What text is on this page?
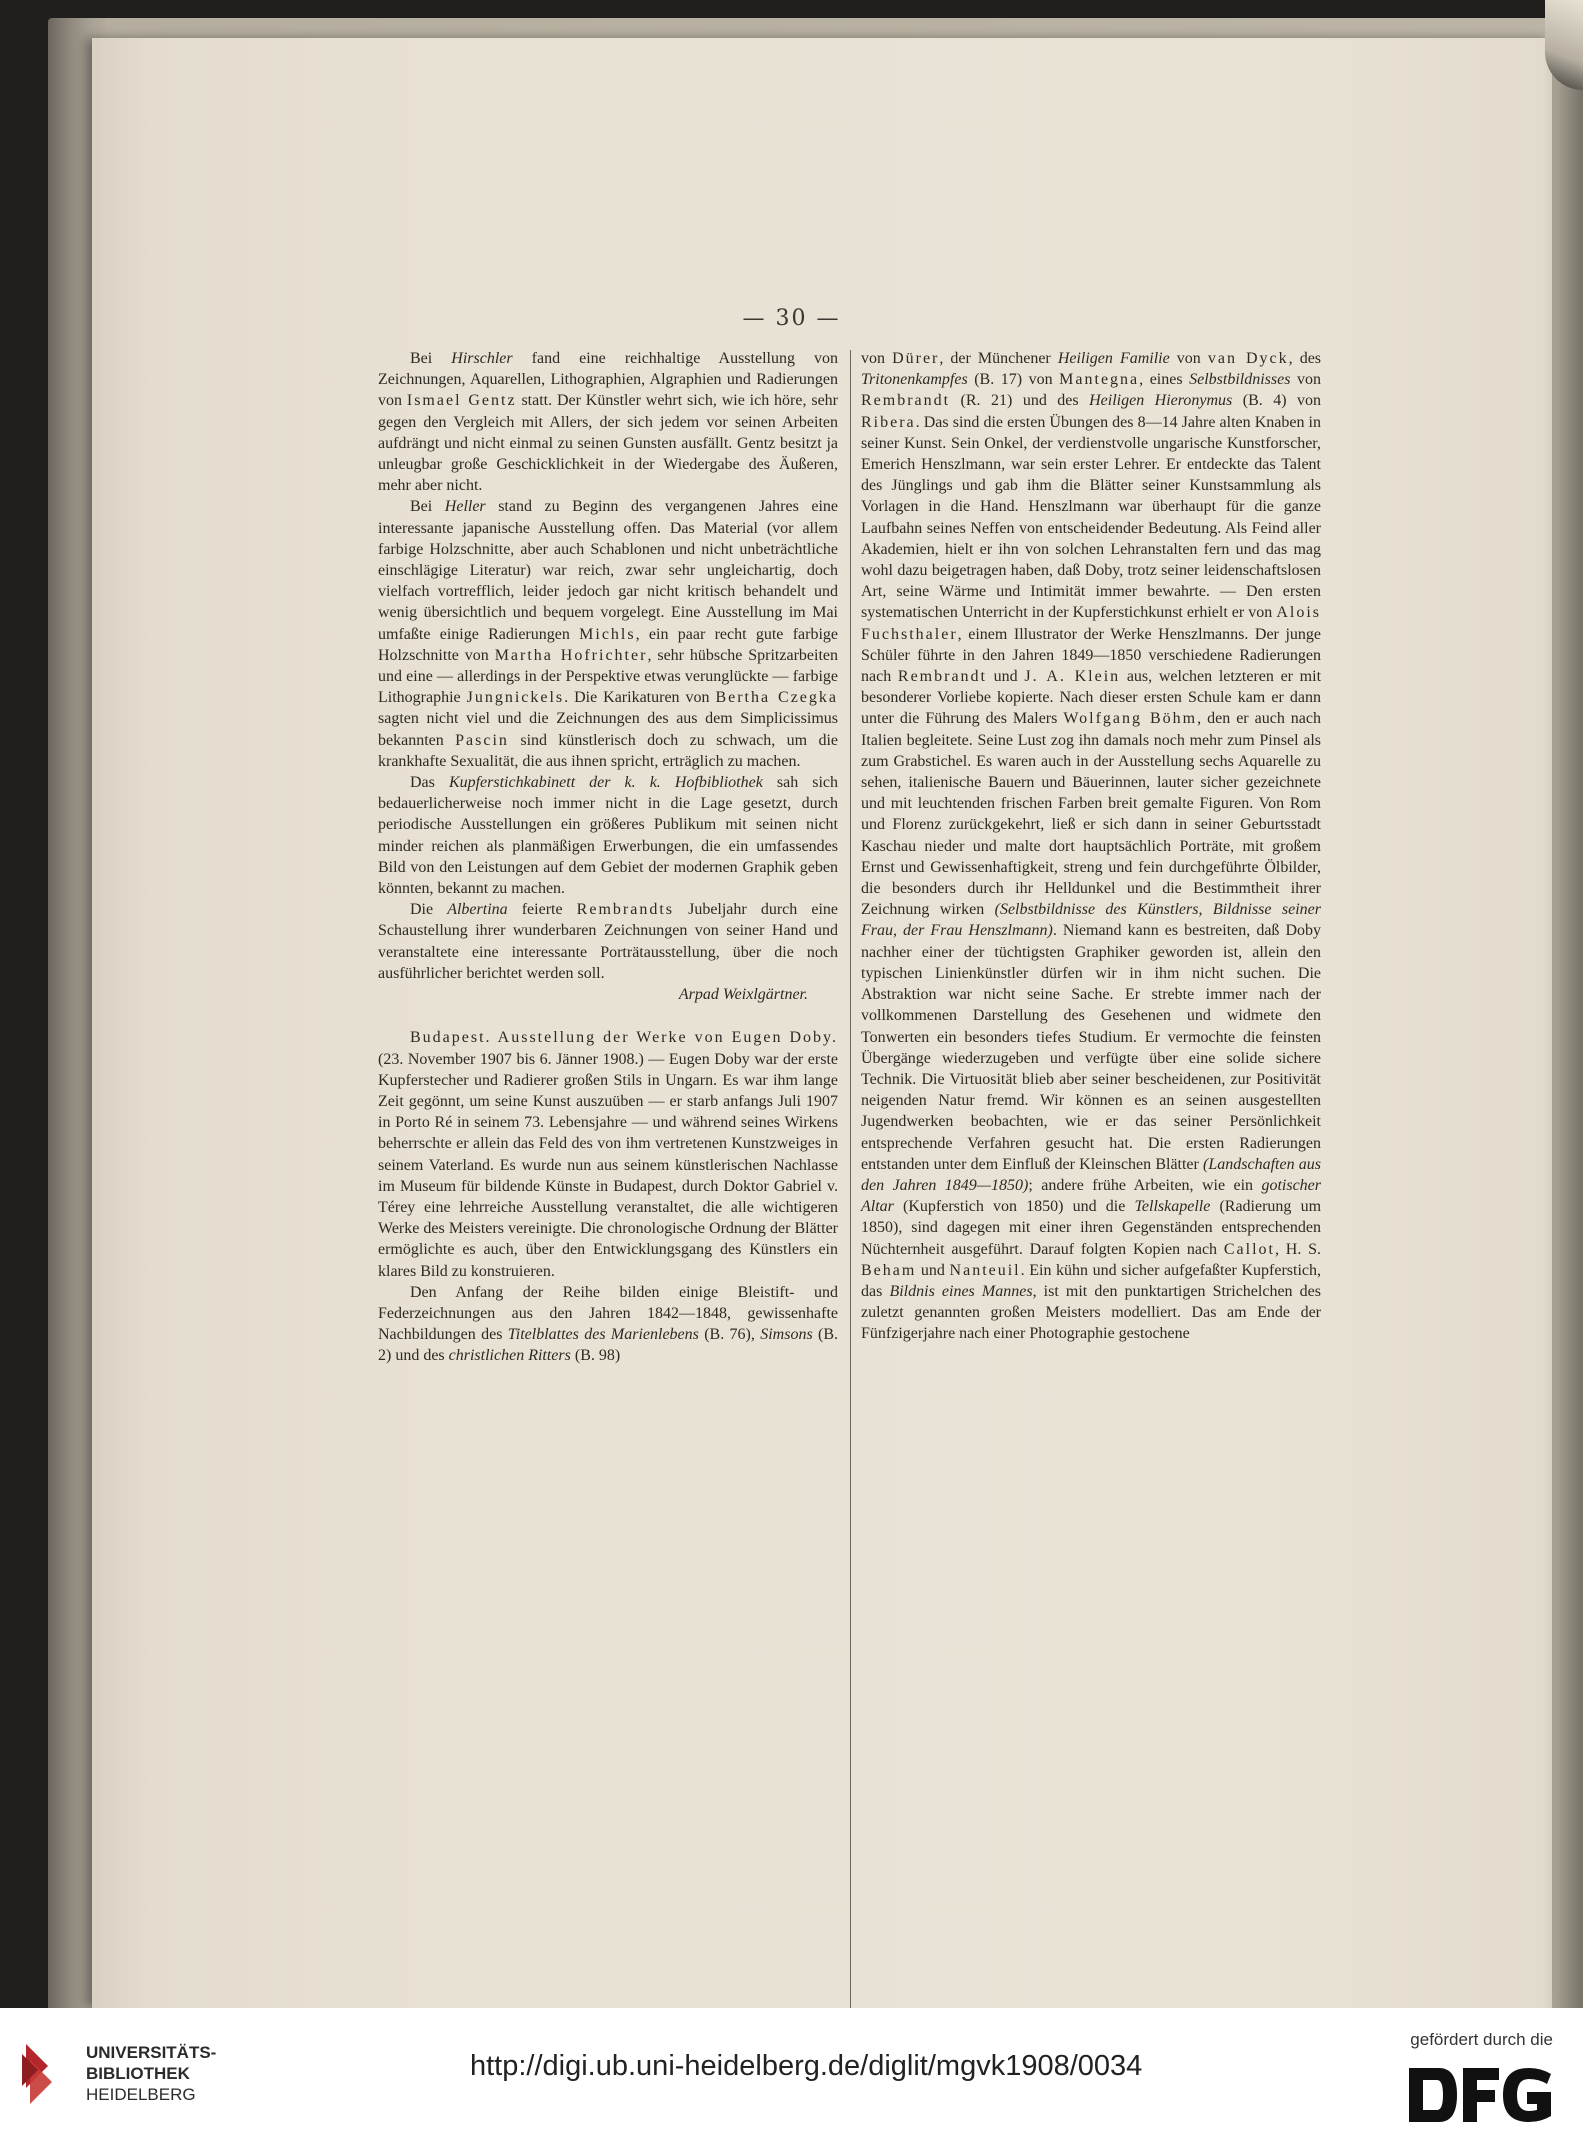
— 30 —

Bei Hirschler fand eine reichhaltige Ausstellung von Zeichnungen, Aquarellen, Lithographien, Algraphien und Radierungen von Ismael Gentz statt. Der Künstler wehrt sich, wie ich höre, sehr gegen den Vergleich mit Allers, der sich jedem vor seinen Arbeiten aufdrängt und nicht einmal zu seinen Gunsten ausfällt. Gentz besitzt ja unleugbar große Geschicklichkeit in der Wiedergabe des Äußeren, mehr aber nicht.

Bei Heller stand zu Beginn des vergangenen Jahres eine interessante japanische Ausstellung offen. Das Material (vor allem farbige Holzschnitte, aber auch Schablonen und nicht unbeträchtliche einschlägige Literatur) war reich, zwar sehr ungleichartig, doch vielfach vortrefflich, leider jedoch gar nicht kritisch behandelt und wenig übersichtlich und bequem vorgelegt. Eine Ausstellung im Mai umfaßte einige Radierungen Michls, ein paar recht gute farbige Holzschnitte von Martha Hofrichter, sehr hübsche Spritzarbeiten und eine — allerdings in der Perspektive etwas verunglückte — farbige Lithographie Jungnickels. Die Karikaturen von Bertha Czegka sagten nicht viel und die Zeichnungen des aus dem Simplicissimus bekannten Pascin sind künstlerisch doch zu schwach, um die krankhafte Sexualität, die aus ihnen spricht, erträglich zu machen.

Das Kupferstichkabinett der k. k. Hofbibliothek sah sich bedauerlicherweise noch immer nicht in die Lage gesetzt, durch periodische Ausstellungen ein größeres Publikum mit seinen nicht minder reichen als planmäßigen Erwerbungen, die ein umfassendes Bild von den Leistungen auf dem Gebiet der modernen Graphik geben könnten, bekannt zu machen.

Die Albertina feierte Rembrandts Jubeljahr durch eine Schaustellung ihrer wunderbaren Zeichnungen von seiner Hand und veranstaltete eine interessante Porträtausstellung, über die noch ausführlicher berichtet werden soll.

Arpad Weixlgärtner.

Budapest. Ausstellung der Werke von Eugen Doby. (23. November 1907 bis 6. Jänner 1908.) — Eugen Doby war der erste Kupferstecher und Radierer großen Stils in Ungarn. Es war ihm lange Zeit gegönnt, um seine Kunst auszuüben — er starb anfangs Juli 1907 in Porto Ré in seinem 73. Lebensjahre — und während seines Wirkens beherrschte er allein das Feld des von ihm vertretenen Kunstzweiges in seinem Vaterland. Es wurde nun aus seinem künstlerischen Nachlasse im Museum für bildende Künste in Budapest, durch Doktor Gabriel v. Térey eine lehrreiche Ausstellung veranstaltet, die alle wichtigeren Werke des Meisters vereinigte. Die chronologische Ordnung der Blätter ermöglichte es auch, über den Entwicklungsgang des Künstlers ein klares Bild zu konstruieren.

Den Anfang der Reihe bilden einige Bleistift- und Federzeichnungen aus den Jahren 1842—1848, gewissenhafte Nachbildungen des Titelblattes des Marienlebens (B. 76), Simsons (B. 2) und des christlichen Ritters (B. 98)

von Dürer, der Münchener Heiligen Familie von van Dyck, des Tritonenkampfes (B. 17) von Mantegna, eines Selbstbildnisses von Rembrandt (R. 21) und des Heiligen Hieronymus (B. 4) von Ribera. Das sind die ersten Übungen des 8—14 Jahre alten Knaben in seiner Kunst. Sein Onkel, der verdienstvolle ungarische Kunstforscher, Emerich Henszlmann, war sein erster Lehrer. Er entdeckte das Talent des Jünglings und gab ihm die Blätter seiner Kunstsammlung als Vorlagen in die Hand. Henszlmann war überhaupt für die ganze Laufbahn seines Neffen von entscheidender Bedeutung. Als Feind aller Akademien, hielt er ihn von solchen Lehranstalten fern und das mag wohl dazu beigetragen haben, daß Doby, trotz seiner leidenschaftslosen Art, seine Wärme und Intimität immer bewahrte. — Den ersten systematischen Unterricht in der Kupferstichkunst erhielt er von Alois Fuchsthaler, einem Illustrator der Werke Henszlmanns. Der junge Schüler führte in den Jahren 1849—1850 verschiedene Radierungen nach Rembrandt und J. A. Klein aus, welchen letzteren er mit besonderer Vorliebe kopierte. Nach dieser ersten Schule kam er dann unter die Führung des Malers Wolfgang Böhm, den er auch nach Italien begleitete. Seine Lust zog ihn damals noch mehr zum Pinsel als zum Grabstichel. Es waren auch in der Ausstellung sechs Aquarelle zu sehen, italienische Bauern und Bäuerinnen, lauter sicher gezeichnete und mit leuchtenden frischen Farben breit gemalte Figuren. Von Rom und Florenz zurückgekehrt, ließ er sich dann in seiner Geburtsstadt Kaschau nieder und malte dort hauptsächlich Porträte, mit großem Ernst und Gewissenhaftigkeit, streng und fein durchgeführte Ölbilder, die besonders durch ihr Helldunkel und die Bestimmtheit ihrer Zeichnung wirken (Selbstbildnisse des Künstlers, Bildnisse seiner Frau, der Frau Henszlmann). Niemand kann es bestreiten, daß Doby nachher einer der tüchtigsten Graphiker geworden ist, allein den typischen Linienkünstler dürfen wir in ihm nicht suchen. Die Abstraktion war nicht seine Sache. Er strebte immer nach der vollkommenen Darstellung des Gesehenen und widmete den Tonwerten ein besonders tiefes Studium. Er vermochte die feinsten Übergänge wiederzugeben und verfügte über eine solide sichere Technik. Die Virtuosität blieb aber seiner bescheidenen, zur Positivität neigenden Natur fremd. Wir können es an seinen ausgestellten Jugendwerken beobachten, wie er das seiner Persönlichkeit entsprechende Verfahren gesucht hat. Die ersten Radierungen entstanden unter dem Einfluß der Kleinschen Blätter (Landschaften aus den Jahren 1849—1850); andere frühe Arbeiten, wie ein gotischer Altar (Kupferstich von 1850) und die Tellskapelle (Radierung um 1850), sind dagegen mit einer ihren Gegenständen entsprechenden Nüchternheit ausgeführt. Darauf folgten Kopien nach Callot, H. S. Beham und Nanteuil. Ein kühn und sicher aufgefaßter Kupferstich, das Bildnis eines Mannes, ist mit den punktartigen Strichelchen des zuletzt genannten großen Meisters modelliert. Das am Ende der Fünfzigerjahre nach einer Photographie gestochene

UNIVERSITÄTS-
BIBLIOTHEK
HEIDELBERG
http://digi.ub.uni-heidelberg.de/diglit/mgvk1908/0034
gefördert durch die
